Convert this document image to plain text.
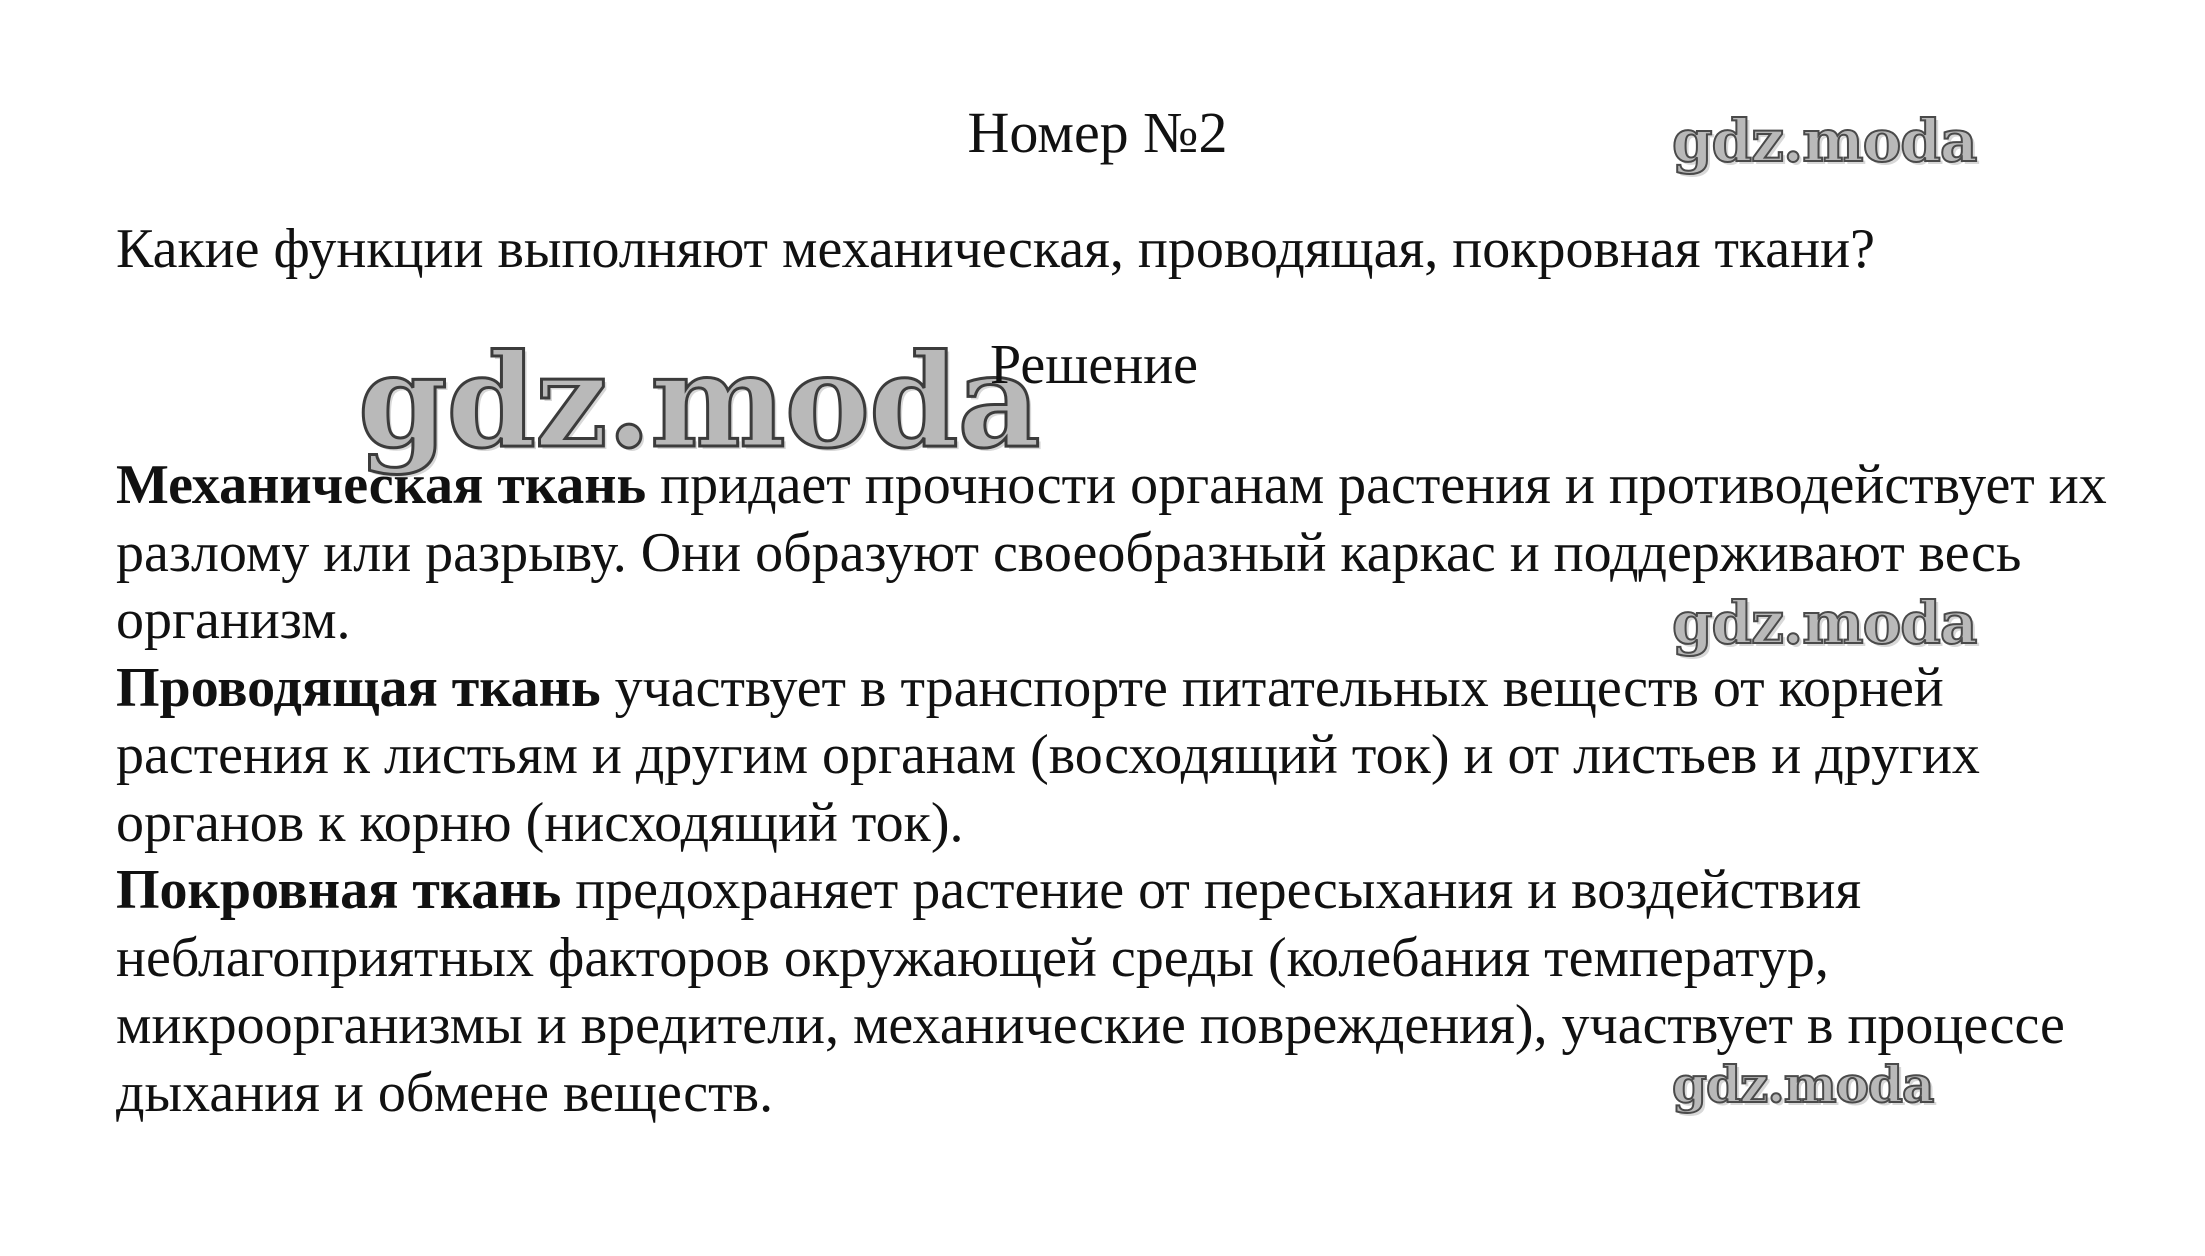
Номер №2	gdz.moda
Какие функции выполняют механическая, проводящая, покровная ткани?
gdz.moda
Решение

Механическая ткань придает прочности органам растения и противодействует их разлому или разрыву. Они образуют своеобразный каркас и поддерживают весь организм.

Проводящая ткань участвует в транспорте питательных веществ от корней растения к листьям и другим органам (восходящий ток) и от листьев и других органов к корню (нисходящий ток).

Покровная ткань предохраняет растение от пересыхания и воздействия неблагоприятных факторов окружающей среды (колебания температур, микроорганизмы и вредители, механические повреждения), участвует в процессе дыхания и обмене веществ.

gdz.moda
gdz.moda
